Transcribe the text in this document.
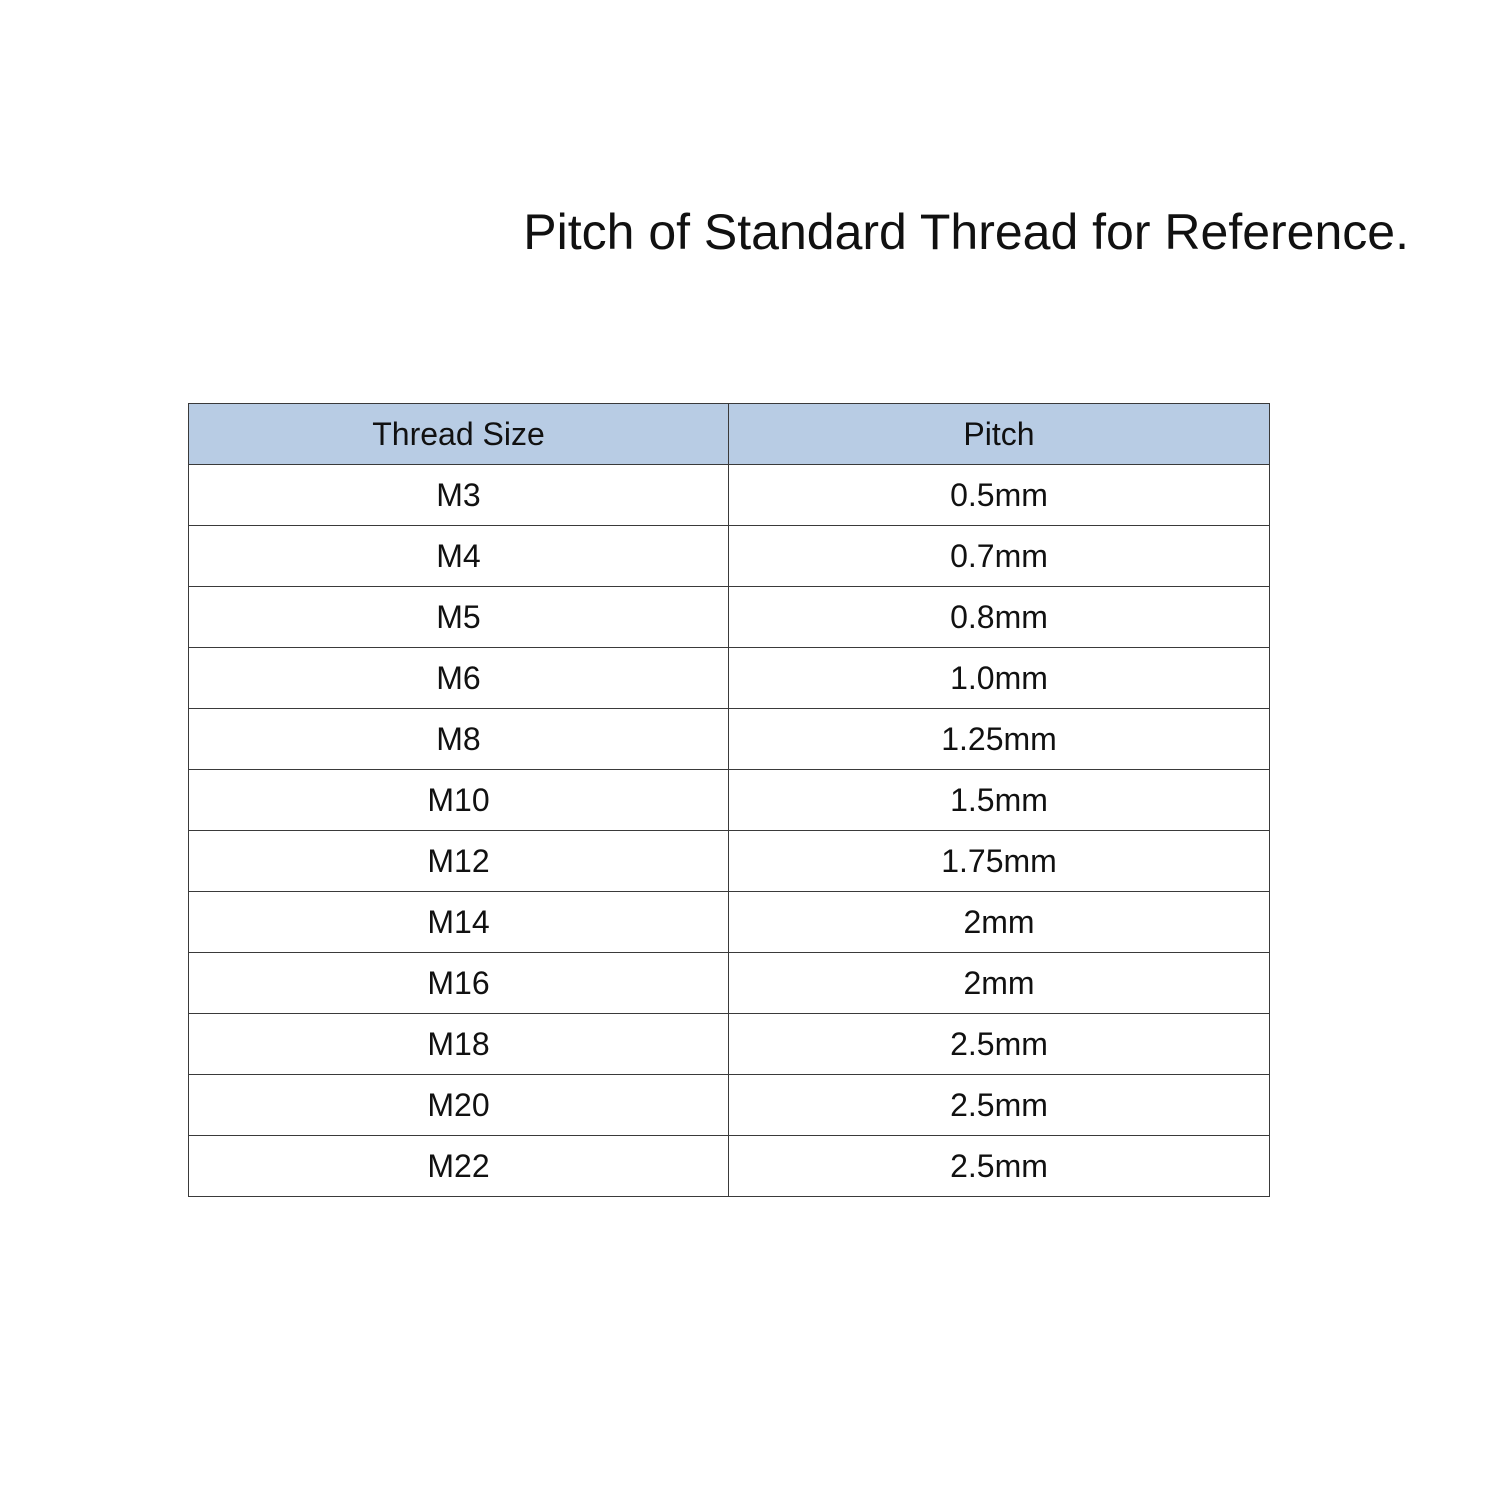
Pitch of Standard Thread for Reference.
Thread Size	Pitch
M3	0.5mm
M4	0.7mm
M5	0.8mm
M6	1.0mm
M8	1.25mm
M10	1.5mm
M12	1.75mm
M14	2mm
M16	2mm
M18	2.5mm
M20	2.5mm
M22	2.5mm
